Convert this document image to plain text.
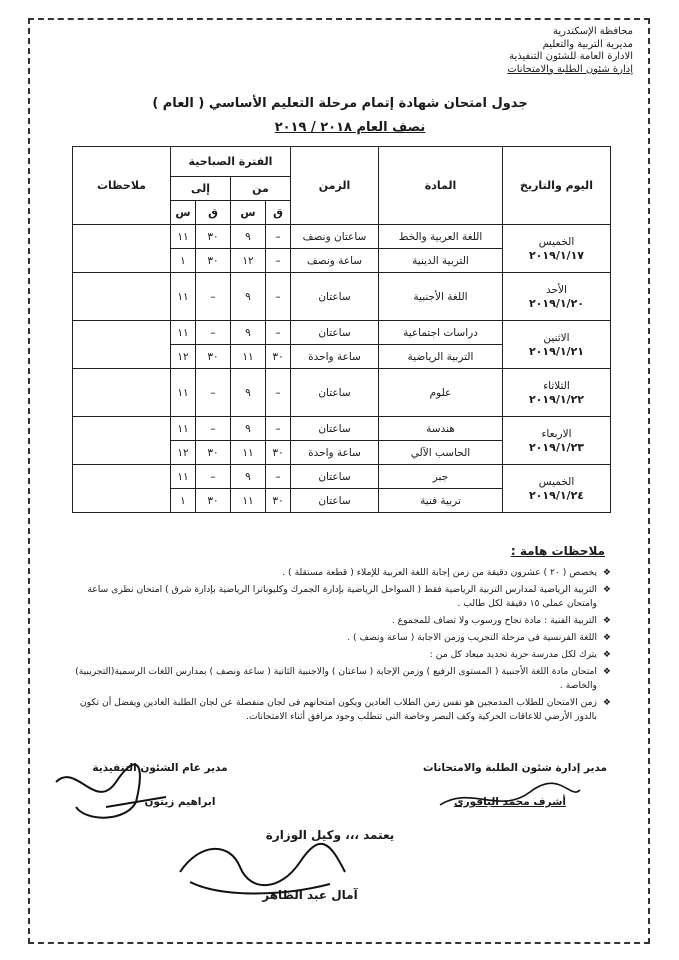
محافظة الإسكندرية
مديرية التربية والتعليم
الادارة العامة للشئون التنفيذية
إدارة شئون الطلبة والامتحانات
جدول امتحان شهادة إتمام مرحلة التعليم الأساسي ( العام )
نصف العام ٢٠١٨ / ٢٠١٩
اليوم والتاريخ	المادة	الزمن	الفترة الصباحية				ملاحظات
			من		إلى		
			ق	س	ق	س	

الخميس
٢٠١٩/١/١٧	اللغة العربية والخط	ساعتان ونصف	–	٩	٣٠	١١	
	التربية الدينية	ساعة ونصف	–	١٢	٣٠	١	

الأحد
٢٠١٩/١/٢٠	اللغة الأجنبية	ساعتان	–	٩	–	١١	

الاثنين
٢٠١٩/١/٢١	دراسات اجتماعية	ساعتان	–	٩	–	١١	
	التربية الرياضية	ساعة واحدة	٣٠	١١	٣٠	١٢	

الثلاثاء
٢٠١٩/١/٢٢	علوم	ساعتان	–	٩	–	١١	

الاربعاء
٢٠١٩/١/٢٣	هندسة	ساعتان	–	٩	–	١١	
	الحاسب الآلي	ساعة واحدة	٣٠	١١	٣٠	١٢	

الخميس
٢٠١٩/١/٢٤	جبر	ساعتان	–	٩	–	١١	
	تربية فنية	ساعتان	٣٠	١١	٣٠	١	
ملاحظات هامة :
❖ يخصص ( ٢٠ ) عشرون دقيقة من زمن إجابة اللغة العربية للإملاء ( قطعة مستقلة ) .
❖ التربية الرياضية لمدارس التربية الرياضية فقط ( السواحل الرياضية بإدارة الجمرك وكليوباترا الرياضية بإدارة شرق ) امتحان نظرى ساعة وامتحان عملى ١٥ دقيقة لكل طالب .
❖ التربية الفنية : مادة نجاح ورسوب ولا تضاف للمجموع .
❖ اللغة الفرنسية فى مرحلة التجريب وزمن الاجابة ( ساعة ونصف ) .
❖ يترك لكل مدرسة حرية تحديد ميعاد كل من :
❖ امتحان مادة اللغة الأجنبية ( المستوى الرفيع ) وزمن الإجابة ( ساعتان ) والاجنبية الثانية ( ساعة ونصف ) بمدارس اللغات الرسمية(التجريبية) والخاصة .
❖ زمن الامتحان للطلاب المدمجين هو نفس زمن الطلاب العادين ويكون امتحانهم فى لجان منفصلة عن لجان الطلبة العادين ويفضل أن تكون بالدور الأرضي للاعاقات الحركية وكف البصر وخاصة التى تتطلب وجود مرافق أثناء الامتحانات.
مدير عام الشئون التنفيذية
ابراهيم زيتون
مدير إدارة شئون الطلبة والامتحانات
أشرف محمد الباقورى
يعتمد ،،، وكيل الوزارة
آمال عبد الظاهر
